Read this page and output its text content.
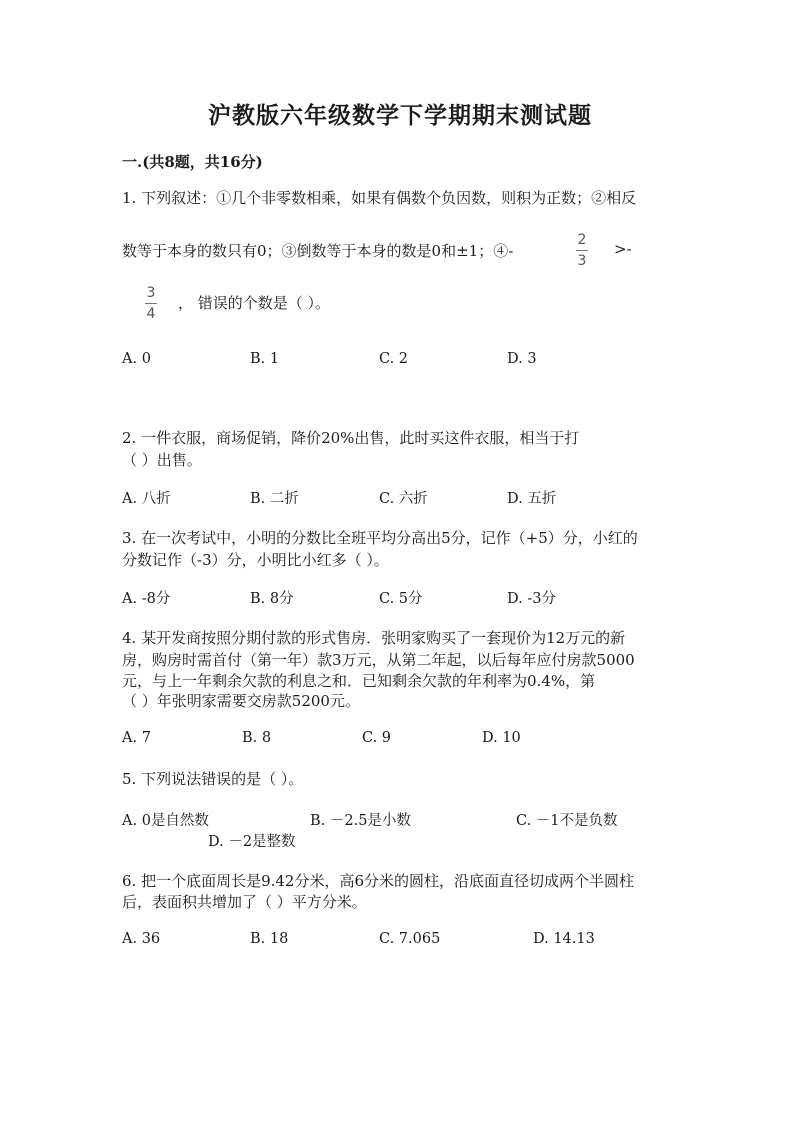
沪教版六年级数学下学期期末测试题
一.(共8题，共16分)
1. 下列叙述：①几个非零数相乘，如果有偶数个负因数，则积为正数；②相反
数等于本身的数只有0；③倒数等于本身的数是0和±1；④-
2
3
>-
3
4
， 错误的个数是（ ）。
A. 0	B. 1	C. 2	D. 3
2. 一件衣服，商场促销，降价20%出售，此时买这件衣服，相当于打
（ ）出售。
A. 八折	B. 二折	C. 六折	D. 五折
3. 在一次考试中，小明的分数比全班平均分高出5分，记作（+5）分，小红的
分数记作（-3）分，小明比小红多（ ）。
A. -8分	B. 8分	C. 5分	D. -3分
4. 某开发商按照分期付款的形式售房．张明家购买了一套现价为12万元的新
房，购房时需首付（第一年）款3万元，从第二年起，以后每年应付房款5000
元，与上一年剩余欠款的利息之和．已知剩余欠款的年利率为0.4%，第
（ ）年张明家需要交房款5200元。
A. 7	B. 8	C. 9	D. 10
5. 下列说法错误的是（ ）。
A. 0是自然数	B. －2.5是小数	C. －1不是负数
D. －2是整数
6. 把一个底面周长是9.42分米，高6分米的圆柱，沿底面直径切成两个半圆柱
后，表面积共增加了（ ）平方分米。
A. 36	B. 18	C. 7.065	D. 14.13
